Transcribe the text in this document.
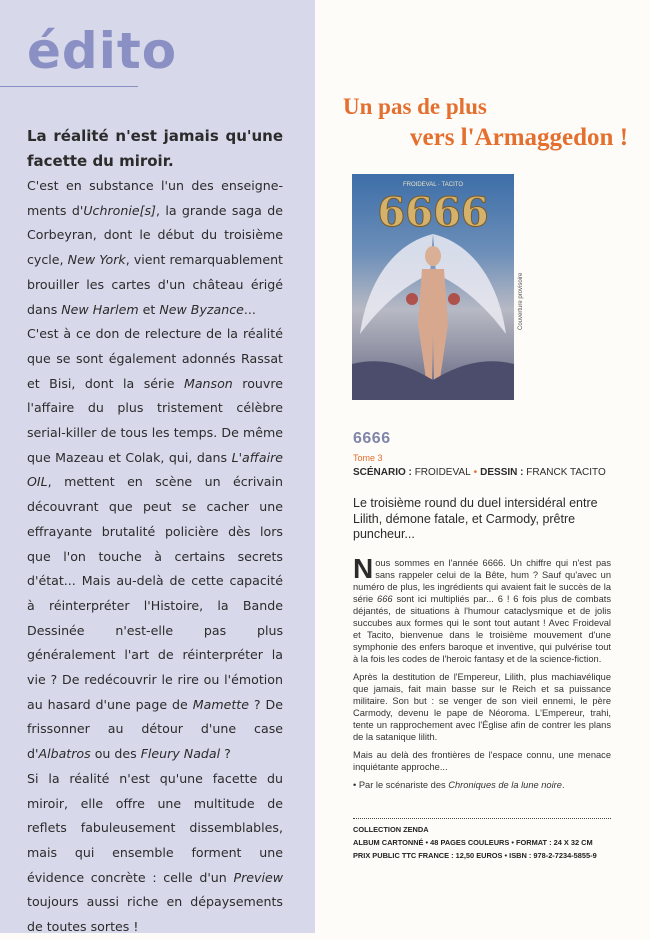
édito

La réalité n'est jamais qu'une facette du miroir.

C'est en substance l'un des enseigne-ments d'Uchronie[s], la grande saga de Corbeyran, dont le début du troisième cycle, New York, vient remarquablement brouiller les cartes d'un château érigé dans New Harlem et New Byzance...

C'est à ce don de relecture de la réalité que se sont également adonnés Rassat et Bisi, dont la série Manson rouvre l'affaire du plus tristement célèbre serial-killer de tous les temps. De même que Mazeau et Colak, qui, dans L'affaire OIL, mettent en scène un écrivain découvrant que peut se cacher une effrayante brutalité policière dès lors que l'on touche à certains secrets d'état... Mais au-delà de cette capacité à réinterpréter l'Histoire, la Bande Dessinée n'est-elle pas plus généralement l'art de réinterpréter la vie ? De redécouvrir le rire ou l'émotion au hasard d'une page de Mamette ? De frissonner au détour d'une case d'Albatros ou des Fleury Nadal ?

Si la réalité n'est qu'une facette du miroir, elle offre une multitude de reflets fabuleusement dissemblables, mais qui ensemble forment une évidence concrète : celle d'un Preview toujours aussi riche en dépaysements de toutes sortes !

Un pas de plus
vers l'Armaggedon !
FROIDEVAL · TACITO
6666
Couverture provisoire
6666
Tome 3
SCÉNARIO : FROIDEVAL • DESSIN : FRANCK TACITO
Le troisième round du duel intersidéral entre Lilith, démone fatale, et Carmody, prêtre puncheur...

Nous sommes en l'année 6666. Un chiffre qui n'est pas sans rappeler celui de la Bête, hum ? Sauf qu'avec un numéro de plus, les ingrédients qui avaient fait le succès de la série 666 sont ici multipliés par... 6 ! 6 fois plus de combats déjantés, de situations à l'humour cataclysmique et de jolis succubes aux formes qui le sont tout autant ! Avec Froideval et Tacito, bienvenue dans le troisième mouvement d'une symphonie des enfers baroque et inventive, qui pulvérise tout à la fois les codes de l'heroic fantasy et de la science-fiction.

Après la destitution de l'Empereur, Lilith, plus machiavélique que jamais, fait main basse sur le Reich et sa puissance militaire. Son but : se venger de son vieil ennemi, le père Carmody, devenu le pape de Néoroma. L'Empereur, trahi, tente un rapprochement avec l'Église afin de contrer les plans de la satanique lilith.

Mais au delà des frontières de l'espace connu, une menace inquiétante approche...

• Par le scénariste des Chroniques de la lune noire.

COLLECTION ZENDA
ALBUM CARTONNÉ • 48 PAGES COULEURS • FORMAT : 24 X 32 CM
PRIX PUBLIC TTC FRANCE : 12,50 EUROS • ISBN : 978-2-7234-5855-9
